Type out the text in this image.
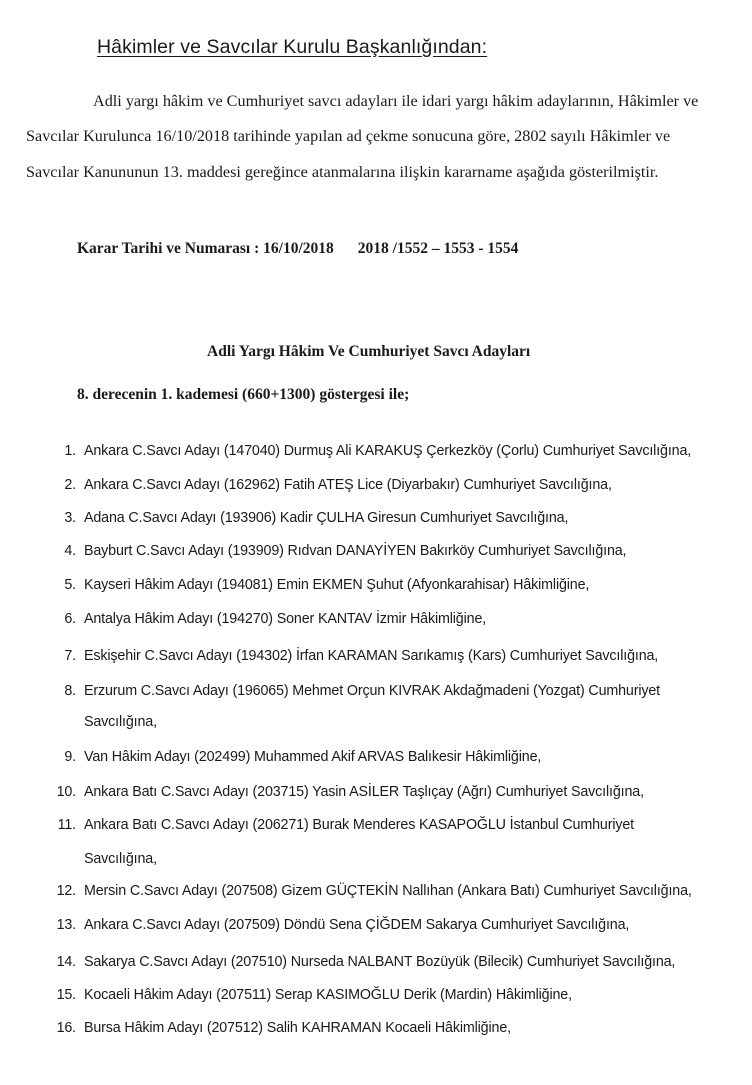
Hâkimler ve Savcılar Kurulu Başkanlığından:
Adli yargı hâkim ve Cumhuriyet savcı adayları ile idari yargı hâkim adaylarının, Hâkimler ve
Savcılar Kurulunca 16/10/2018 tarihinde yapılan ad çekme sonucuna göre, 2802 sayılı Hâkimler ve
Savcılar Kanununun 13. maddesi gereğince atanmalarına ilişkin kararname aşağıda gösterilmiştir.
Karar Tarihi ve Numarası : 16/10/2018 2018 /1552 – 1553 - 1554
Adli Yargı Hâkim Ve Cumhuriyet Savcı Adayları
8. derecenin 1. kademesi (660+1300) göstergesi ile;
1. Ankara C.Savcı Adayı (147040) Durmuş Ali KARAKUŞ Çerkezköy (Çorlu) Cumhuriyet Savcılığına,
2. Ankara C.Savcı Adayı (162962) Fatih ATEŞ Lice (Diyarbakır) Cumhuriyet Savcılığına,
3. Adana C.Savcı Adayı (193906) Kadir ÇULHA Giresun Cumhuriyet Savcılığına,
4. Bayburt C.Savcı Adayı (193909) Rıdvan DANAYİYEN Bakırköy Cumhuriyet Savcılığına,
5. Kayseri Hâkim Adayı (194081) Emin EKMEN Şuhut (Afyonkarahisar) Hâkimliğine,
6. Antalya Hâkim Adayı (194270) Soner KANTAV İzmir Hâkimliğine,
7. Eskişehir C.Savcı Adayı (194302) İrfan KARAMAN Sarıkamış (Kars) Cumhuriyet Savcılığına,
8. Erzurum C.Savcı Adayı (196065) Mehmet Orçun KIVRAK Akdağmadeni (Yozgat) Cumhuriyet
Savcılığına,
9. Van Hâkim Adayı (202499) Muhammed Akif ARVAS Balıkesir Hâkimliğine,
10. Ankara Batı C.Savcı Adayı (203715) Yasin ASİLER Taşlıçay (Ağrı) Cumhuriyet Savcılığına,
11. Ankara Batı C.Savcı Adayı (206271) Burak Menderes KASAPOĞLU İstanbul Cumhuriyet
Savcılığına,
12. Mersin C.Savcı Adayı (207508) Gizem GÜÇTEKİN Nallıhan (Ankara Batı) Cumhuriyet Savcılığına,
13. Ankara C.Savcı Adayı (207509) Döndü Sena ÇİĞDEM Sakarya Cumhuriyet Savcılığına,
14. Sakarya C.Savcı Adayı (207510) Nurseda NALBANT Bozüyük (Bilecik) Cumhuriyet Savcılığına,
15. Kocaeli Hâkim Adayı (207511) Serap KASIMOĞLU Derik (Mardin) Hâkimliğine,
16. Bursa Hâkim Adayı (207512) Salih KAHRAMAN Kocaeli Hâkimliğine,
